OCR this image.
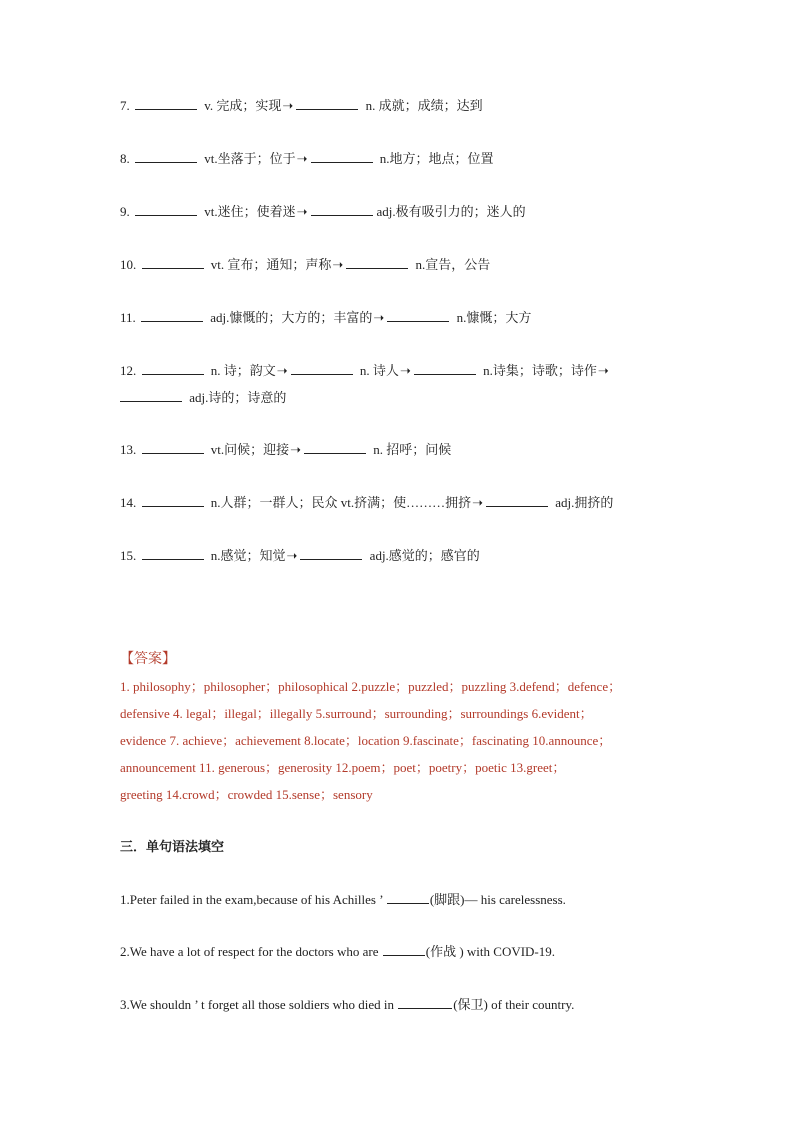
7.	v. 完成；实现➝	n. 成就；成绩；达到
8.	vt.坐落于；位于➝	n.地方；地点；位置
9.	vt.迷住；使着迷➝	adj.极有吸引力的；迷人的
10.	vt. 宣布；通知；声称➝	n.宣告，公告
11.	adj.慷慨的；大方的；丰富的➝	n.慷慨；大方
12.	n. 诗；韵文➝	n. 诗人➝	n.诗集；诗歌；诗作➝
adj.诗的；诗意的
13.	vt.问候；迎接➝	n. 招呼；问候
14.	n.人群；一群人；民众 vt.挤满；使………拥挤➝	adj.拥挤的
15.	n.感觉；知觉➝	adj.感觉的；感官的
【答案】
1. philosophy；philosopher；philosophical 2.puzzle；puzzled；puzzling 3.defend；defence；
defensive 4. legal；illegal；illegally 5.surround；surrounding；surroundings 6.evident；
evidence 7. achieve；achievement 8.locate；location 9.fascinate；fascinating 10.announce；
announcement 11. generous；generosity 12.poem；poet；poetry；poetic 13.greet；
greeting 14.crowd；crowded 15.sense；sensory
三．单句语法填空
1.Peter failed in the exam,because of his Achilles ’	(脚跟)— his carelessness.
2.We have a lot of respect for the doctors who are	(作战 ) with COVID-19.
3.We shouldn ’ t forget all those soldiers who died in	(保卫) of their country.
